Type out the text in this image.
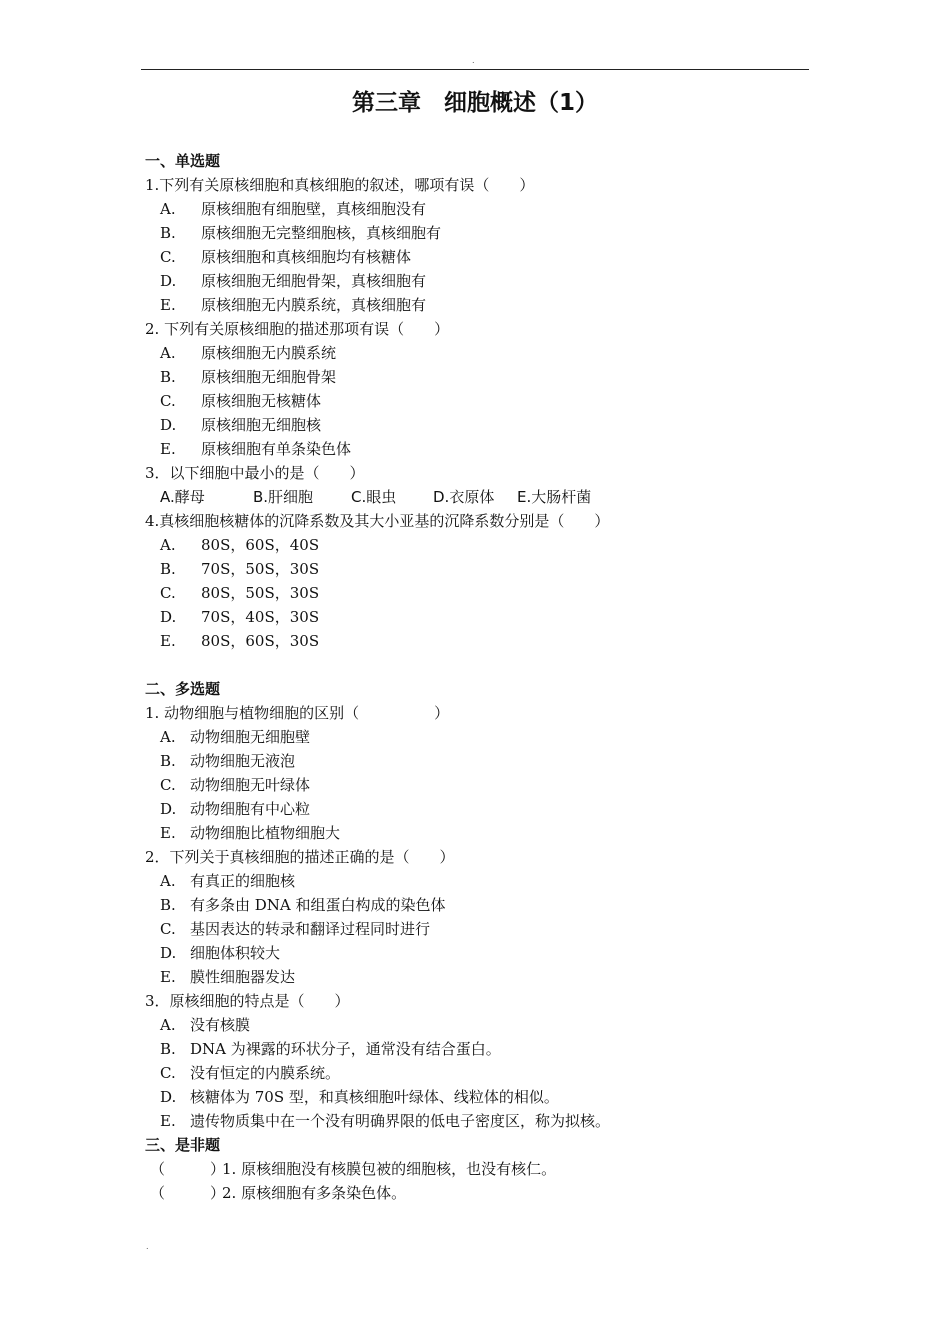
.
第三章　细胞概述（1）
一、单选题
1.下列有关原核细胞和真核细胞的叙述，哪项有误（　　）
A. 原核细胞有细胞壁，真核细胞没有
B. 原核细胞无完整细胞核，真核细胞有
C. 原核细胞和真核细胞均有核糖体
D. 原核细胞无细胞骨架，真核细胞有
E. 原核细胞无内膜系统，真核细胞有
2. 下列有关原核细胞的描述那项有误（　　）
A. 原核细胞无内膜系统
B. 原核细胞无细胞骨架
C. 原核细胞无核糖体
D. 原核细胞无细胞核
E. 原核细胞有单条染色体
3．以下细胞中最小的是（　　）
A.酵母	B.肝细胞	C.眼虫 D.衣原体 E.大肠杆菌
4.真核细胞核糖体的沉降系数及其大小亚基的沉降系数分别是（　　）
A. 80S，60S，40S
B. 70S，50S，30S
C. 80S，50S，30S
D. 70S，40S，30S
E. 80S，60S，30S
二、多选题
1. 动物细胞与植物细胞的区别（　　　　　）
A. 动物细胞无细胞壁
B. 动物细胞无液泡
C. 动物细胞无叶绿体
D. 动物细胞有中心粒
E. 动物细胞比植物细胞大
2．下列关于真核细胞的描述正确的是（　　）
A. 有真正的细胞核
B. 有多条由 DNA 和组蛋白构成的染色体
C. 基因表达的转录和翻译过程同时进行
D. 细胞体积较大
E. 膜性细胞器发达
3．原核细胞的特点是（　　）
A. 没有核膜
B. DNA 为裸露的环状分子，通常没有结合蛋白。
C. 没有恒定的内膜系统。
D. 核糖体为 70S 型，和真核细胞叶绿体、线粒体的相似。
E. 遗传物质集中在一个没有明确界限的低电子密度区，称为拟核。
三、是非题
（　　　）1. 原核细胞没有核膜包被的细胞核，也没有核仁。
（　　　）2. 原核细胞有多条染色体。
.
